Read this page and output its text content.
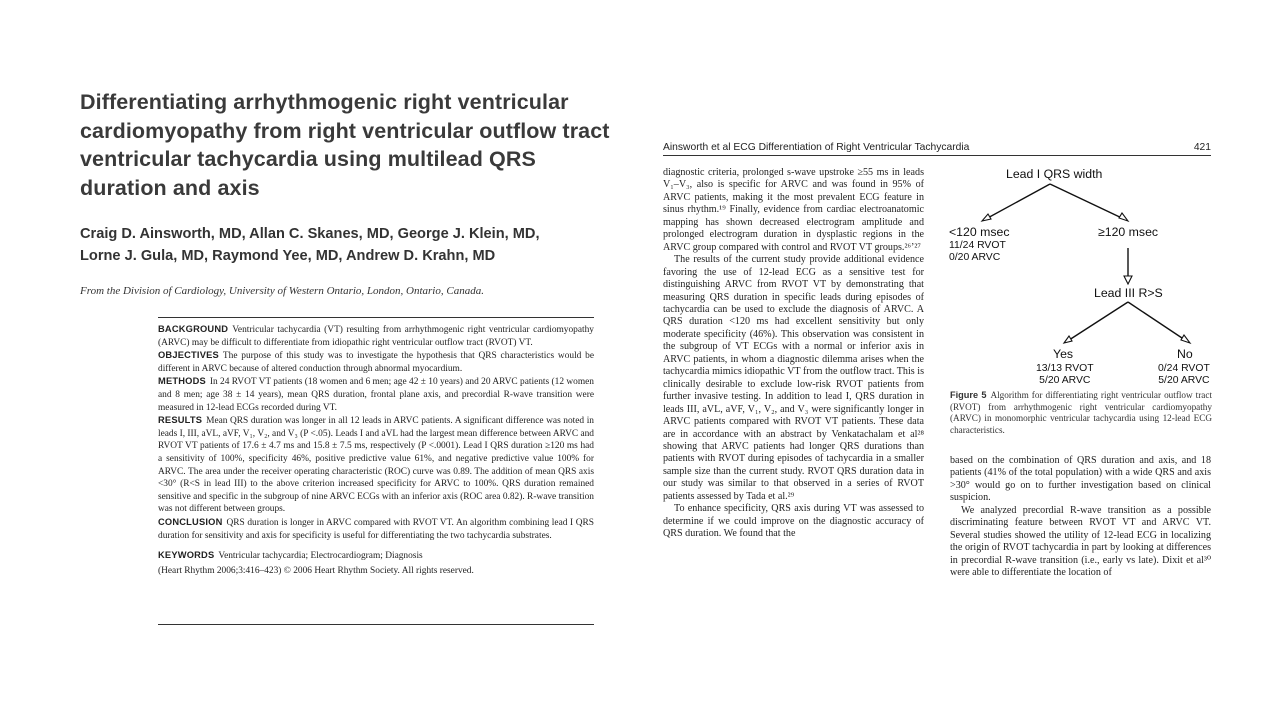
Differentiating arrhythmogenic right ventricular
cardiomyopathy from right ventricular outflow tract
ventricular tachycardia using multilead QRS
duration and axis
Craig D. Ainsworth, MD, Allan C. Skanes, MD, George J. Klein, MD,
Lorne J. Gula, MD, Raymond Yee, MD, Andrew D. Krahn, MD
From the Division of Cardiology, University of Western Ontario, London, Ontario, Canada.

BACKGROUND Ventricular tachycardia (VT) resulting from arrhythmogenic right ventricular cardiomyopathy (ARVC) may be difficult to differentiate from idiopathic right ventricular outflow tract (RVOT) VT.

OBJECTIVES The purpose of this study was to investigate the hypothesis that QRS characteristics would be different in ARVC because of altered conduction through abnormal myocardium.

METHODS In 24 RVOT VT patients (18 women and 6 men; age 42 ± 10 years) and 20 ARVC patients (12 women and 8 men; age 38 ± 14 years), mean QRS duration, frontal plane axis, and precordial R-wave transition were measured in 12-lead ECGs recorded during VT.

RESULTS Mean QRS duration was longer in all 12 leads in ARVC patients. A significant difference was noted in leads I, III, aVL, aVF, V₁, V₂, and V₃ (P <.05). Leads I and aVL had the largest mean difference between ARVC and RVOT VT patients of 17.6 ± 4.7 ms and 15.8 ± 7.5 ms, respectively (P <.0001). Lead I QRS duration ≥120 ms had a sensitivity of 100%, specificity 46%, positive predictive value 61%, and negative predictive value 100% for ARVC. The area under the receiver operating characteristic (ROC) curve was 0.89. The addition of mean QRS axis <30° (R<S in lead III) to the above criterion increased specificity for ARVC to 100%. QRS duration remained sensitive and specific in the subgroup of nine ARVC ECGs with an inferior axis (ROC area 0.82). R-wave transition was not different between groups.

CONCLUSION QRS duration is longer in ARVC compared with RVOT VT. An algorithm combining lead I QRS duration for sensitivity and axis for specificity is useful for differentiating the two tachycardia substrates.

KEYWORDS Ventricular tachycardia; Electrocardiogram; Diagnosis

(Heart Rhythm 2006;3:416–423) © 2006 Heart Rhythm Society. All rights reserved.

Ainsworth et al ECG Differentiation of Right Ventricular Tachycardia	421

diagnostic criteria, prolonged s-wave upstroke ≥55 ms in leads V₁–V₃, also is specific for ARVC and was found in 95% of ARVC patients, making it the most prevalent ECG feature in sinus rhythm.¹⁹ Finally, evidence from cardiac electroanatomic mapping has shown decreased electrogram amplitude and prolonged electrogram duration in dysplastic regions in the ARVC group compared with control and RVOT VT groups.²⁶ʼ²⁷

The results of the current study provide additional evidence favoring the use of 12-lead ECG as a sensitive test for distinguishing ARVC from RVOT VT by demonstrating that measuring QRS duration in specific leads during episodes of tachycardia can be used to exclude the diagnosis of ARVC. A QRS duration <120 ms had excellent sensitivity but only moderate specificity (46%). This observation was consistent in the subgroup of VT ECGs with a normal or inferior axis in ARVC patients, in whom a diagnostic dilemma arises when the tachycardia mimics idiopathic VT from the outflow tract. This is clinically desirable to exclude low-risk RVOT patients from further invasive testing. In addition to lead I, QRS duration in leads III, aVL, aVF, V₁, V₂, and V₃ were significantly longer in ARVC patients compared with RVOT VT patients. These data are in accordance with an abstract by Venkatachalam et al²⁸ showing that ARVC patients had longer QRS durations than patients with RVOT during episodes of tachycardia in a smaller sample size than the current study. RVOT QRS duration data in our study was similar to that observed in a series of RVOT patients assessed by Tada et al.²⁹

To enhance specificity, QRS axis during VT was assessed to determine if we could improve on the diagnostic accuracy of QRS duration. We found that the

Lead I QRS width
<120 msec
11/24 RVOT
0/20 ARVC
≥120 msec
Lead III R>S
Yes
13/13 RVOT
5/20 ARVC
No
0/24 RVOT
5/20 ARVC
Figure 5 Algorithm for differentiating right ventricular outflow tract (RVOT) from arrhythmogenic right ventricular cardiomyopathy (ARVC) in monomorphic ventricular tachycardia using 12-lead ECG characteristics.

based on the combination of QRS duration and axis, and 18 patients (41% of the total population) with a wide QRS and axis >30° would go on to further investigation based on clinical suspicion.

We analyzed precordial R-wave transition as a possible discriminating feature between RVOT VT and ARVC VT. Several studies showed the utility of 12-lead ECG in localizing the origin of RVOT tachycardia in part by looking at differences in precordial R-wave transition (i.e., early vs late). Dixit et al³⁰ were able to differentiate the location of
